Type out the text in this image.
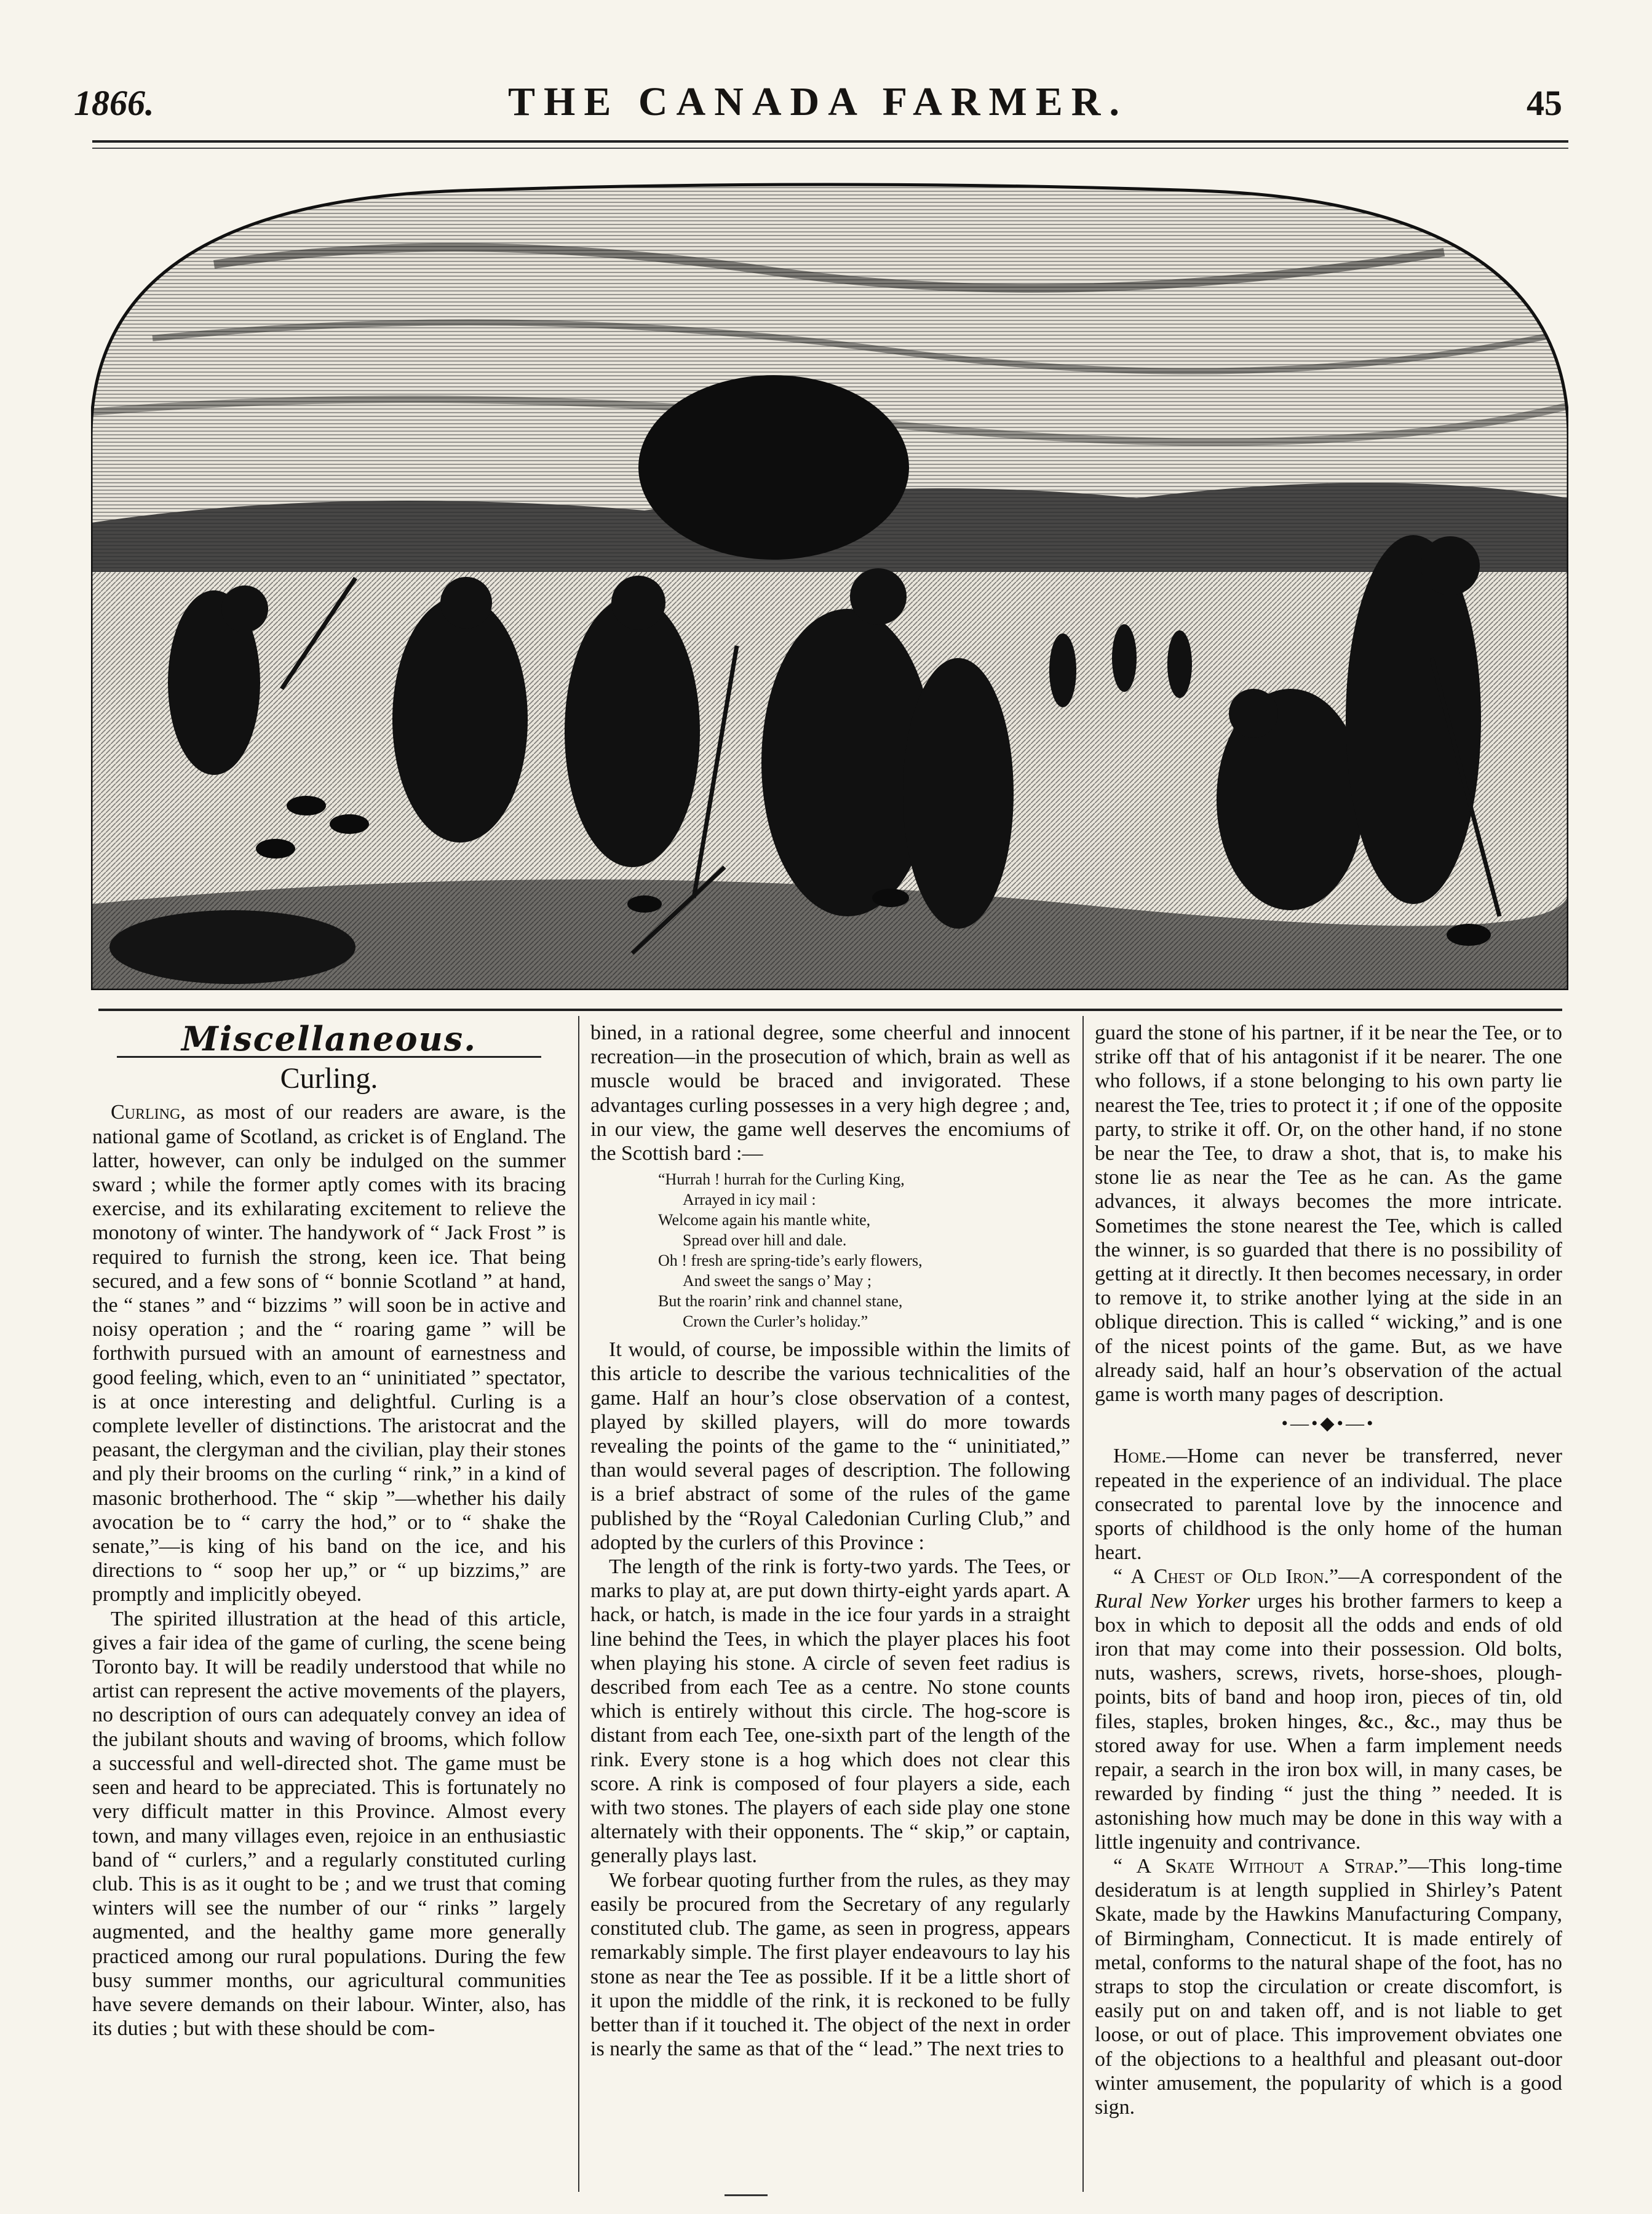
1866.	THE CANADA FARMER.	45
Miscellaneous.
Curling.

Curling, as most of our readers are aware, is the national game of Scotland, as cricket is of England. The latter, however, can only be indulged on the summer sward ; while the former aptly comes with its bracing exercise, and its exhilarating excitement to relieve the monotony of winter. The handywork of “ Jack Frost ” is required to furnish the strong, keen ice. That being secured, and a few sons of “ bonnie Scotland ” at hand, the “ stanes ” and “ bizzims ” will soon be in active and noisy operation ; and the “ roaring game ” will be forthwith pursued with an amount of earnestness and good feeling, which, even to an “ uninitiated ” spectator, is at once interesting and delightful. Curling is a complete leveller of distinctions. The aristocrat and the peasant, the clergyman and the civilian, play their stones and ply their brooms on the curling “ rink,” in a kind of masonic brotherhood. The “ skip ”—whether his daily avocation be to “ carry the hod,” or to “ shake the senate,”—is king of his band on the ice, and his directions to “ soop her up,” or “ up bizzims,” are promptly and implicitly obeyed.

The spirited illustration at the head of this article, gives a fair idea of the game of curling, the scene being Toronto bay. It will be readily understood that while no artist can represent the active movements of the players, no description of ours can adequately convey an idea of the jubilant shouts and waving of brooms, which follow a successful and well-directed shot. The game must be seen and heard to be appreciated. This is fortunately no very difficult matter in this Province. Almost every town, and many villages even, rejoice in an enthusiastic band of “ curlers,” and a regularly constituted curling club. This is as it ought to be ; and we trust that coming winters will see the number of our “ rinks ” largely augmented, and the healthy game more generally practiced among our rural populations. During the few busy summer months, our agricultural communities have severe demands on their labour. Winter, also, has its duties ; but with these should be com-

bined, in a rational degree, some cheerful and innocent recreation—in the prosecution of which, brain as well as muscle would be braced and invigorated. These advantages curling possesses in a very high degree ; and, in our view, the game well deserves the encomiums of the Scottish bard :—

“Hurrah ! hurrah for the Curling King,
Arrayed in icy mail :
Welcome again his mantle white,
Spread over hill and dale.
Oh ! fresh are spring-tide’s early flowers,
And sweet the sangs o’ May ;
But the roarin’ rink and channel stane,
Crown the Curler’s holiday.”

It would, of course, be impossible within the limits of this article to describe the various technicalities of the game. Half an hour’s close observation of a contest, played by skilled players, will do more towards revealing the points of the game to the “ uninitiated,” than would several pages of description. The following is a brief abstract of some of the rules of the game published by the “Royal Caledonian Curling Club,” and adopted by the curlers of this Province :

The length of the rink is forty-two yards. The Tees, or marks to play at, are put down thirty-eight yards apart. A hack, or hatch, is made in the ice four yards in a straight line behind the Tees, in which the player places his foot when playing his stone. A circle of seven feet radius is described from each Tee as a centre. No stone counts which is entirely without this circle. The hog-score is distant from each Tee, one-sixth part of the length of the rink. Every stone is a hog which does not clear this score. A rink is composed of four players a side, each with two stones. The players of each side play one stone alternately with their opponents. The “ skip,” or captain, generally plays last.

We forbear quoting further from the rules, as they may easily be procured from the Secretary of any regularly constituted club. The game, as seen in progress, appears remarkably simple. The first player endeavours to lay his stone as near the Tee as possible. If it be a little short of it upon the middle of the rink, it is reckoned to be fully better than if it touched it. The object of the next in order is nearly the same as that of the “ lead.” The next tries to

guard the stone of his partner, if it be near the Tee, or to strike off that of his antagonist if it be nearer. The one who follows, if a stone belonging to his own party lie nearest the Tee, tries to protect it ; if one of the opposite party, to strike it off. Or, on the other hand, if no stone be near the Tee, to draw a shot, that is, to make his stone lie as near the Tee as he can. As the game advances, it always becomes the more intricate. Sometimes the stone nearest the Tee, which is called the winner, is so guarded that there is no possibility of getting at it directly. It then becomes necessary, in order to remove it, to strike another lying at the side in an oblique direction. This is called “ wicking,” and is one of the nicest points of the game. But, as we have already said, half an hour’s observation of the actual game is worth many pages of description.

•—•◆•—•

Home.—Home can never be transferred, never repeated in the experience of an individual. The place consecrated to parental love by the innocence and sports of childhood is the only home of the human heart.

“ A Chest of Old Iron.”—A correspondent of the Rural New Yorker urges his brother farmers to keep a box in which to deposit all the odds and ends of old iron that may come into their possession. Old bolts, nuts, washers, screws, rivets, horse-shoes, plough-points, bits of band and hoop iron, pieces of tin, old files, staples, broken hinges, &c., &c., may thus be stored away for use. When a farm implement needs repair, a search in the iron box will, in many cases, be rewarded by finding “ just the thing ” needed. It is astonishing how much may be done in this way with a little ingenuity and contrivance.

“ A Skate Without a Strap.”—This long-time desideratum is at length supplied in Shirley’s Patent Skate, made by the Hawkins Manufacturing Company, of Birmingham, Connecticut. It is made entirely of metal, conforms to the natural shape of the foot, has no straps to stop the circulation or create discomfort, is easily put on and taken off, and is not liable to get loose, or out of place. This improvement obviates one of the objections to a healthful and pleasant out-door winter amusement, the popularity of which is a good sign.
